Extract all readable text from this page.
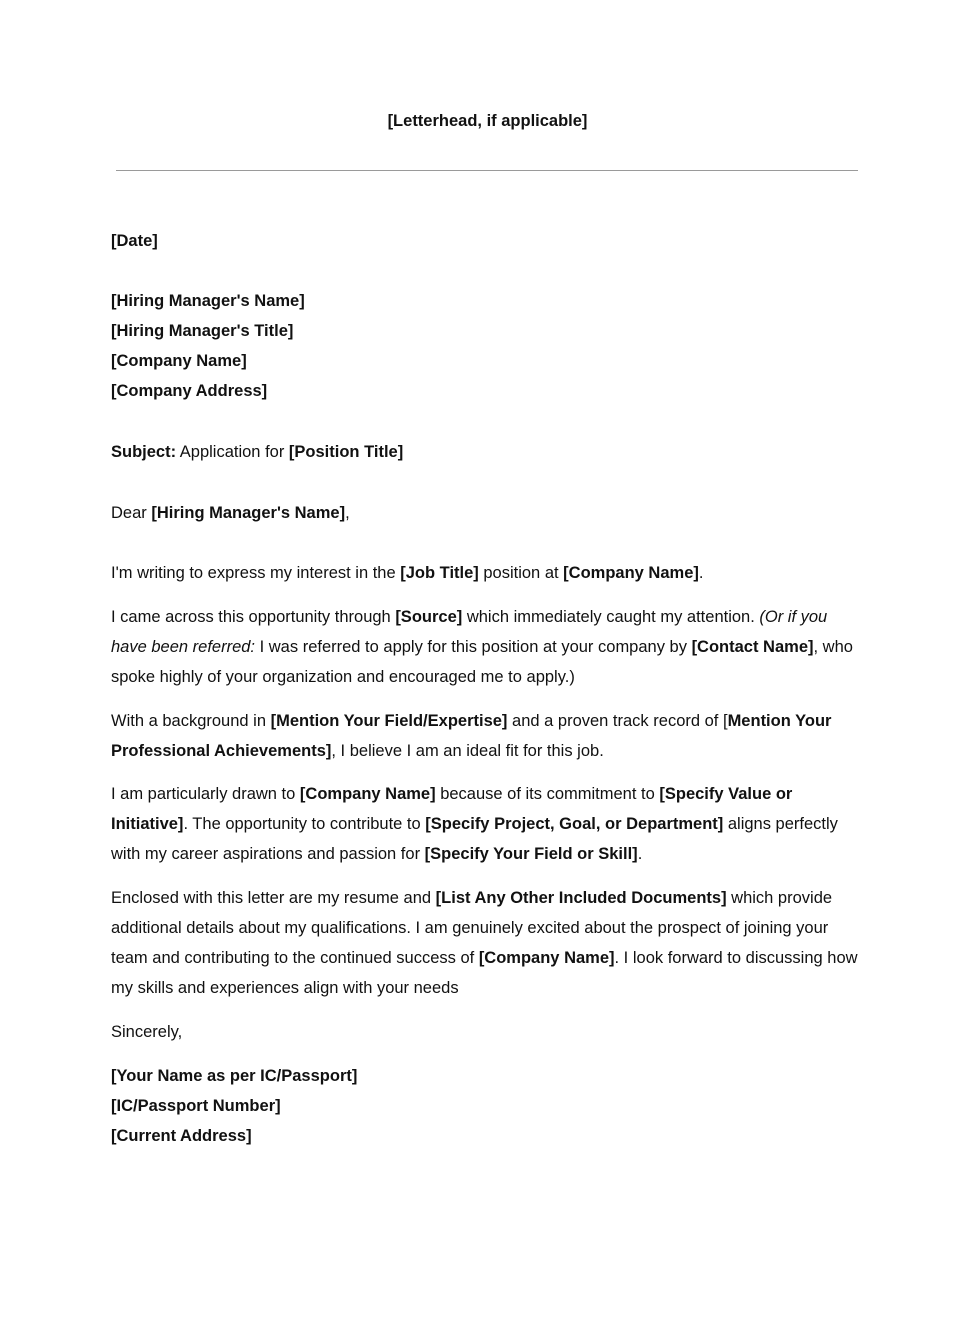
[Letterhead, if applicable]
[Date]
[Hiring Manager's Name]
[Hiring Manager's Title]
[Company Name]
[Company Address]
Subject: Application for [Position Title]
Dear [Hiring Manager's Name],
I'm writing to express my interest in the [Job Title] position at [Company Name].
I came across this opportunity through [Source] which immediately caught my attention. (Or if you have been referred: I was referred to apply for this position at your company by [Contact Name], who spoke highly of your organization and encouraged me to apply.)
With a background in [Mention Your Field/Expertise] and a proven track record of [Mention Your Professional Achievements], I believe I am an ideal fit for this job.
I am particularly drawn to [Company Name] because of its commitment to [Specify Value or Initiative]. The opportunity to contribute to [Specify Project, Goal, or Department] aligns perfectly with my career aspirations and passion for [Specify Your Field or Skill].
Enclosed with this letter are my resume and [List Any Other Included Documents] which provide additional details about my qualifications. I am genuinely excited about the prospect of joining your team and contributing to the continued success of [Company Name]. I look forward to discussing how my skills and experiences align with your needs
Sincerely,
[Your Name as per IC/Passport]
[IC/Passport Number]
[Current Address]
